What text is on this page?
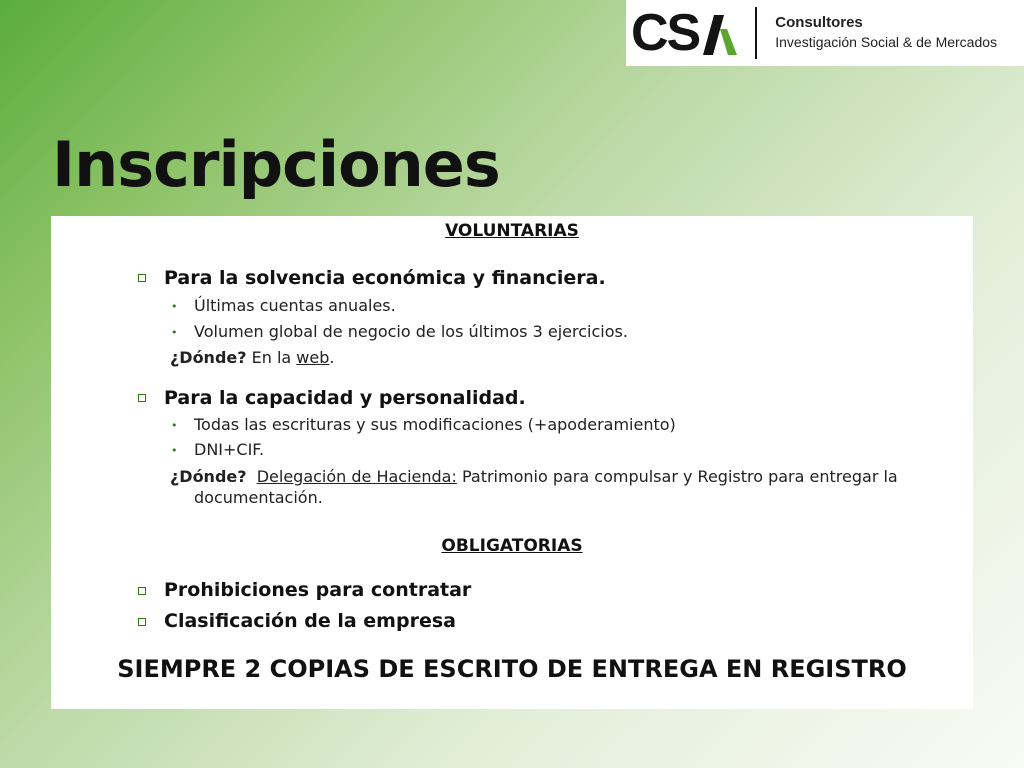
CS	Consultores
Investigación Social & de Mercados
Inscripciones
VOLUNTARIAS
Para la solvencia económica y financiera.
• Últimas cuentas anuales.
• Volumen global de negocio de los últimos 3 ejercicios.
¿Dónde? En la web.
Para la capacidad y personalidad.
• Todas las escrituras y sus modificaciones (+apoderamiento)
• DNI+CIF.
¿Dónde? Delegación de Hacienda: Patrimonio para compulsar y Registro para entregar la
documentación.
OBLIGATORIAS
Prohibiciones para contratar
Clasificación de la empresa
SIEMPRE 2 COPIAS DE ESCRITO DE ENTREGA EN REGISTRO
